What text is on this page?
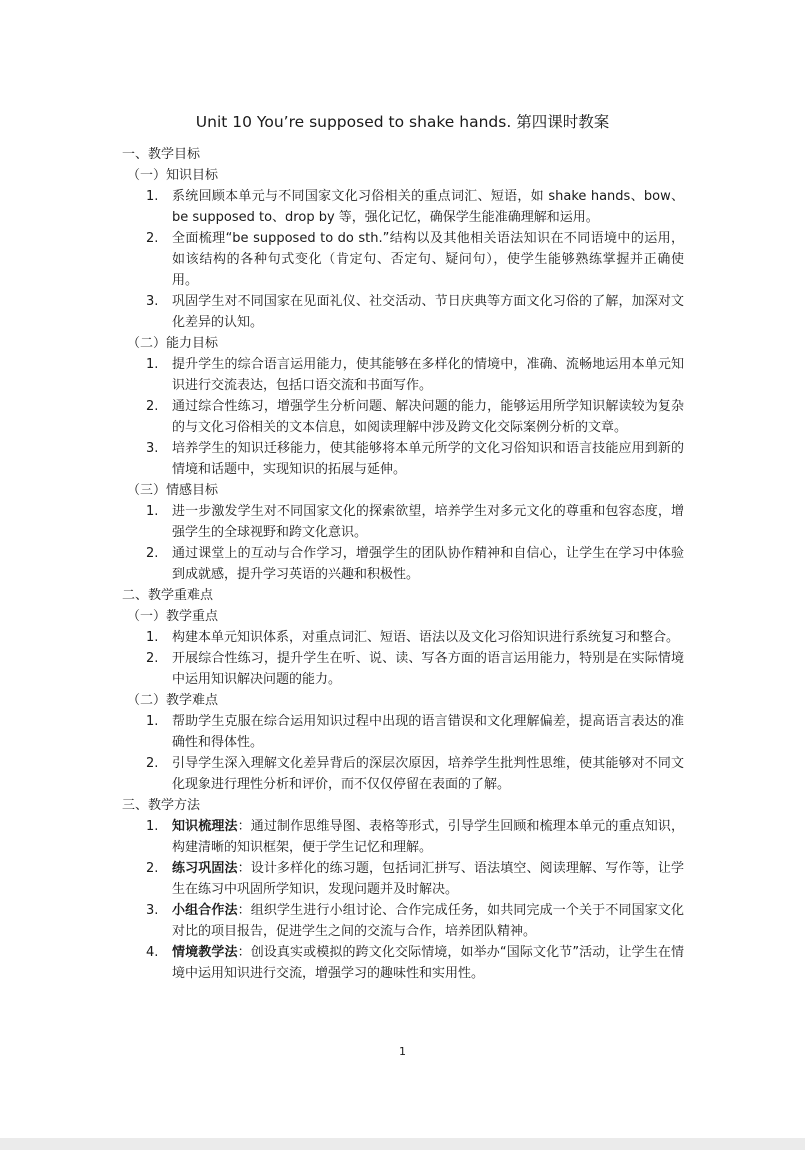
Unit 10 You’re supposed to shake hands. 第四课时教案
一、教学目标
（一）知识目标
1. 系统回顾本单元与不同国家文化习俗相关的重点词汇、短语，如 shake hands、bow、be supposed to、drop by 等，强化记忆，确保学生能准确理解和运用。
2. 全面梳理“be supposed to do sth.”结构以及其他相关语法知识在不同语境中的运用，如该结构的各种句式变化（肯定句、否定句、疑问句），使学生能够熟练掌握并正确使用。
3. 巩固学生对不同国家在见面礼仪、社交活动、节日庆典等方面文化习俗的了解，加深对文化差异的认知。
（二）能力目标
1. 提升学生的综合语言运用能力，使其能够在多样化的情境中，准确、流畅地运用本单元知识进行交流表达，包括口语交流和书面写作。
2. 通过综合性练习，增强学生分析问题、解决问题的能力，能够运用所学知识解读较为复杂的与文化习俗相关的文本信息，如阅读理解中涉及跨文化交际案例分析的文章。
3. 培养学生的知识迁移能力，使其能够将本单元所学的文化习俗知识和语言技能应用到新的情境和话题中，实现知识的拓展与延伸。
（三）情感目标
1. 进一步激发学生对不同国家文化的探索欲望，培养学生对多元文化的尊重和包容态度，增强学生的全球视野和跨文化意识。
2. 通过课堂上的互动与合作学习，增强学生的团队协作精神和自信心，让学生在学习中体验到成就感，提升学习英语的兴趣和积极性。
二、教学重难点
（一）教学重点
1. 构建本单元知识体系，对重点词汇、短语、语法以及文化习俗知识进行系统复习和整合。
2. 开展综合性练习，提升学生在听、说、读、写各方面的语言运用能力，特别是在实际情境中运用知识解决问题的能力。
（二）教学难点
1. 帮助学生克服在综合运用知识过程中出现的语言错误和文化理解偏差，提高语言表达的准确性和得体性。
2. 引导学生深入理解文化差异背后的深层次原因，培养学生批判性思维，使其能够对不同文化现象进行理性分析和评价，而不仅仅停留在表面的了解。
三、教学方法
1. 知识梳理法：通过制作思维导图、表格等形式，引导学生回顾和梳理本单元的重点知识，构建清晰的知识框架，便于学生记忆和理解。
2. 练习巩固法：设计多样化的练习题，包括词汇拼写、语法填空、阅读理解、写作等，让学生在练习中巩固所学知识，发现问题并及时解决。
3. 小组合作法：组织学生进行小组讨论、合作完成任务，如共同完成一个关于不同国家文化对比的项目报告，促进学生之间的交流与合作，培养团队精神。
4. 情境教学法：创设真实或模拟的跨文化交际情境，如举办“国际文化节”活动，让学生在情境中运用知识进行交流，增强学习的趣味性和实用性。
1
